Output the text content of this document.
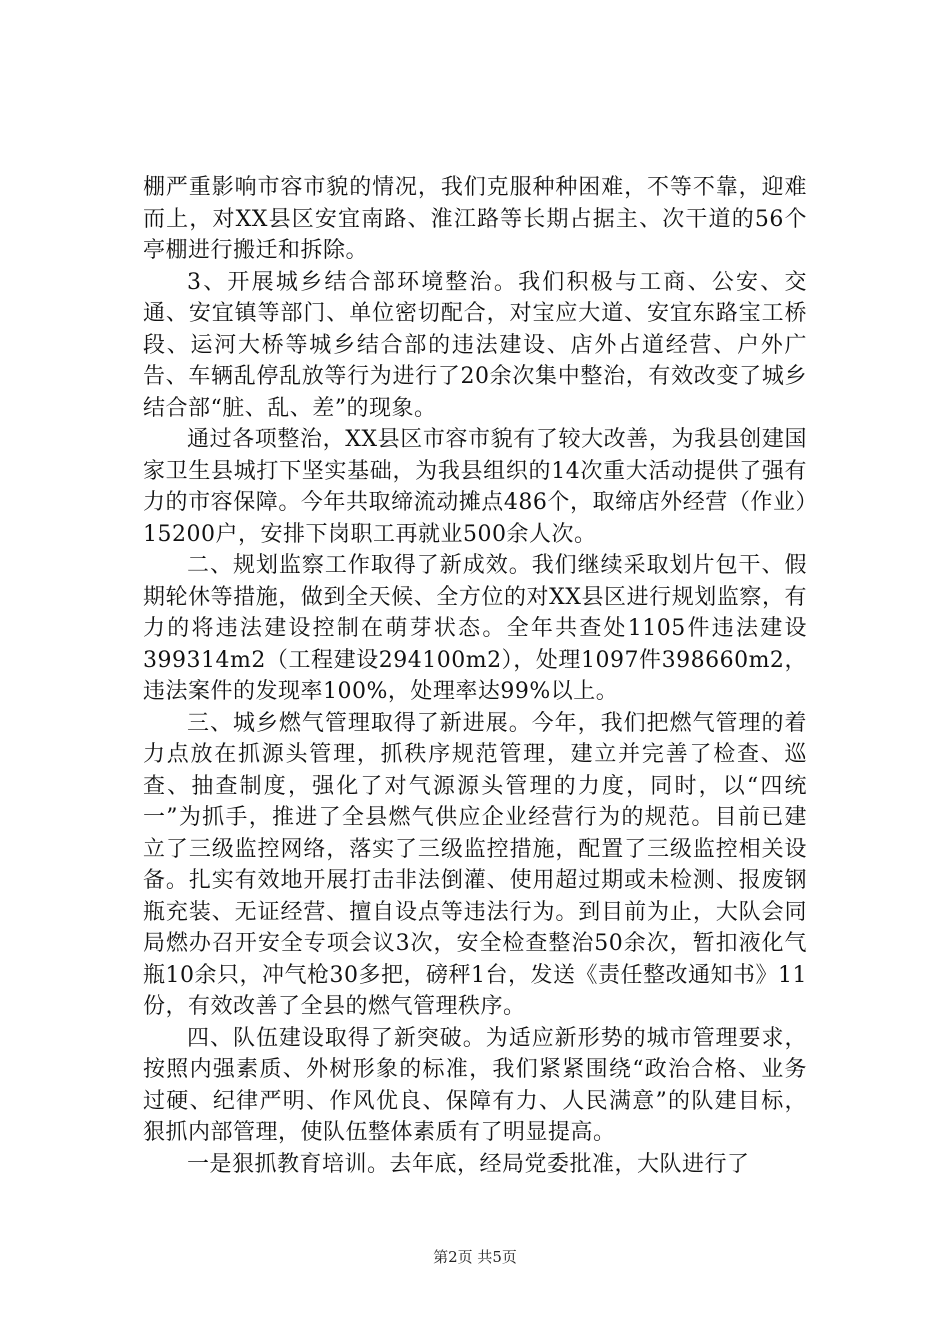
棚严重影响市容市貌的情况，我们克服种种困难，不等不靠，迎难而上，对XX县区安宜南路、淮江路等长期占据主、次干道的56个亭棚进行搬迁和拆除。

3、开展城乡结合部环境整治。我们积极与工商、公安、交通、安宜镇等部门、单位密切配合，对宝应大道、安宜东路宝工桥段、运河大桥等城乡结合部的违法建设、店外占道经营、户外广告、车辆乱停乱放等行为进行了20余次集中整治，有效改变了城乡结合部“脏、乱、差”的现象。

通过各项整治，XX县区市容市貌有了较大改善，为我县创建国家卫生县城打下坚实基础，为我县组织的14次重大活动提供了强有力的市容保障。今年共取缔流动摊点486个，取缔店外经营（作业）15200户，安排下岗职工再就业500余人次。

二、规划监察工作取得了新成效。我们继续采取划片包干、假期轮休等措施，做到全天候、全方位的对XX县区进行规划监察，有力的将违法建设控制在萌芽状态。全年共查处1105件违法建设399314m2（工程建设294100m2），处理1097件398660m2，违法案件的发现率100%，处理率达99%以上。

三、城乡燃气管理取得了新进展。今年，我们把燃气管理的着力点放在抓源头管理，抓秩序规范管理，建立并完善了检查、巡查、抽查制度，强化了对气源源头管理的力度，同时，以“四统一”为抓手，推进了全县燃气供应企业经营行为的规范。目前已建立了三级监控网络，落实了三级监控措施，配置了三级监控相关设备。扎实有效地开展打击非法倒灌、使用超过期或未检测、报废钢瓶充装、无证经营、擅自设点等违法行为。到目前为止，大队会同局燃办召开安全专项会议3次，安全检查整治50余次，暂扣液化气瓶10余只，冲气枪30多把，磅秤1台，发送《责任整改通知书》11份，有效改善了全县的燃气管理秩序。

四、队伍建设取得了新突破。为适应新形势的城市管理要求，按照内强素质、外树形象的标准，我们紧紧围绕“政治合格、业务过硬、纪律严明、作风优良、保障有力、人民满意”的队建目标，狠抓内部管理，使队伍整体素质有了明显提高。

一是狠抓教育培训。去年底，经局党委批准，大队进行了

第2页 共5页
